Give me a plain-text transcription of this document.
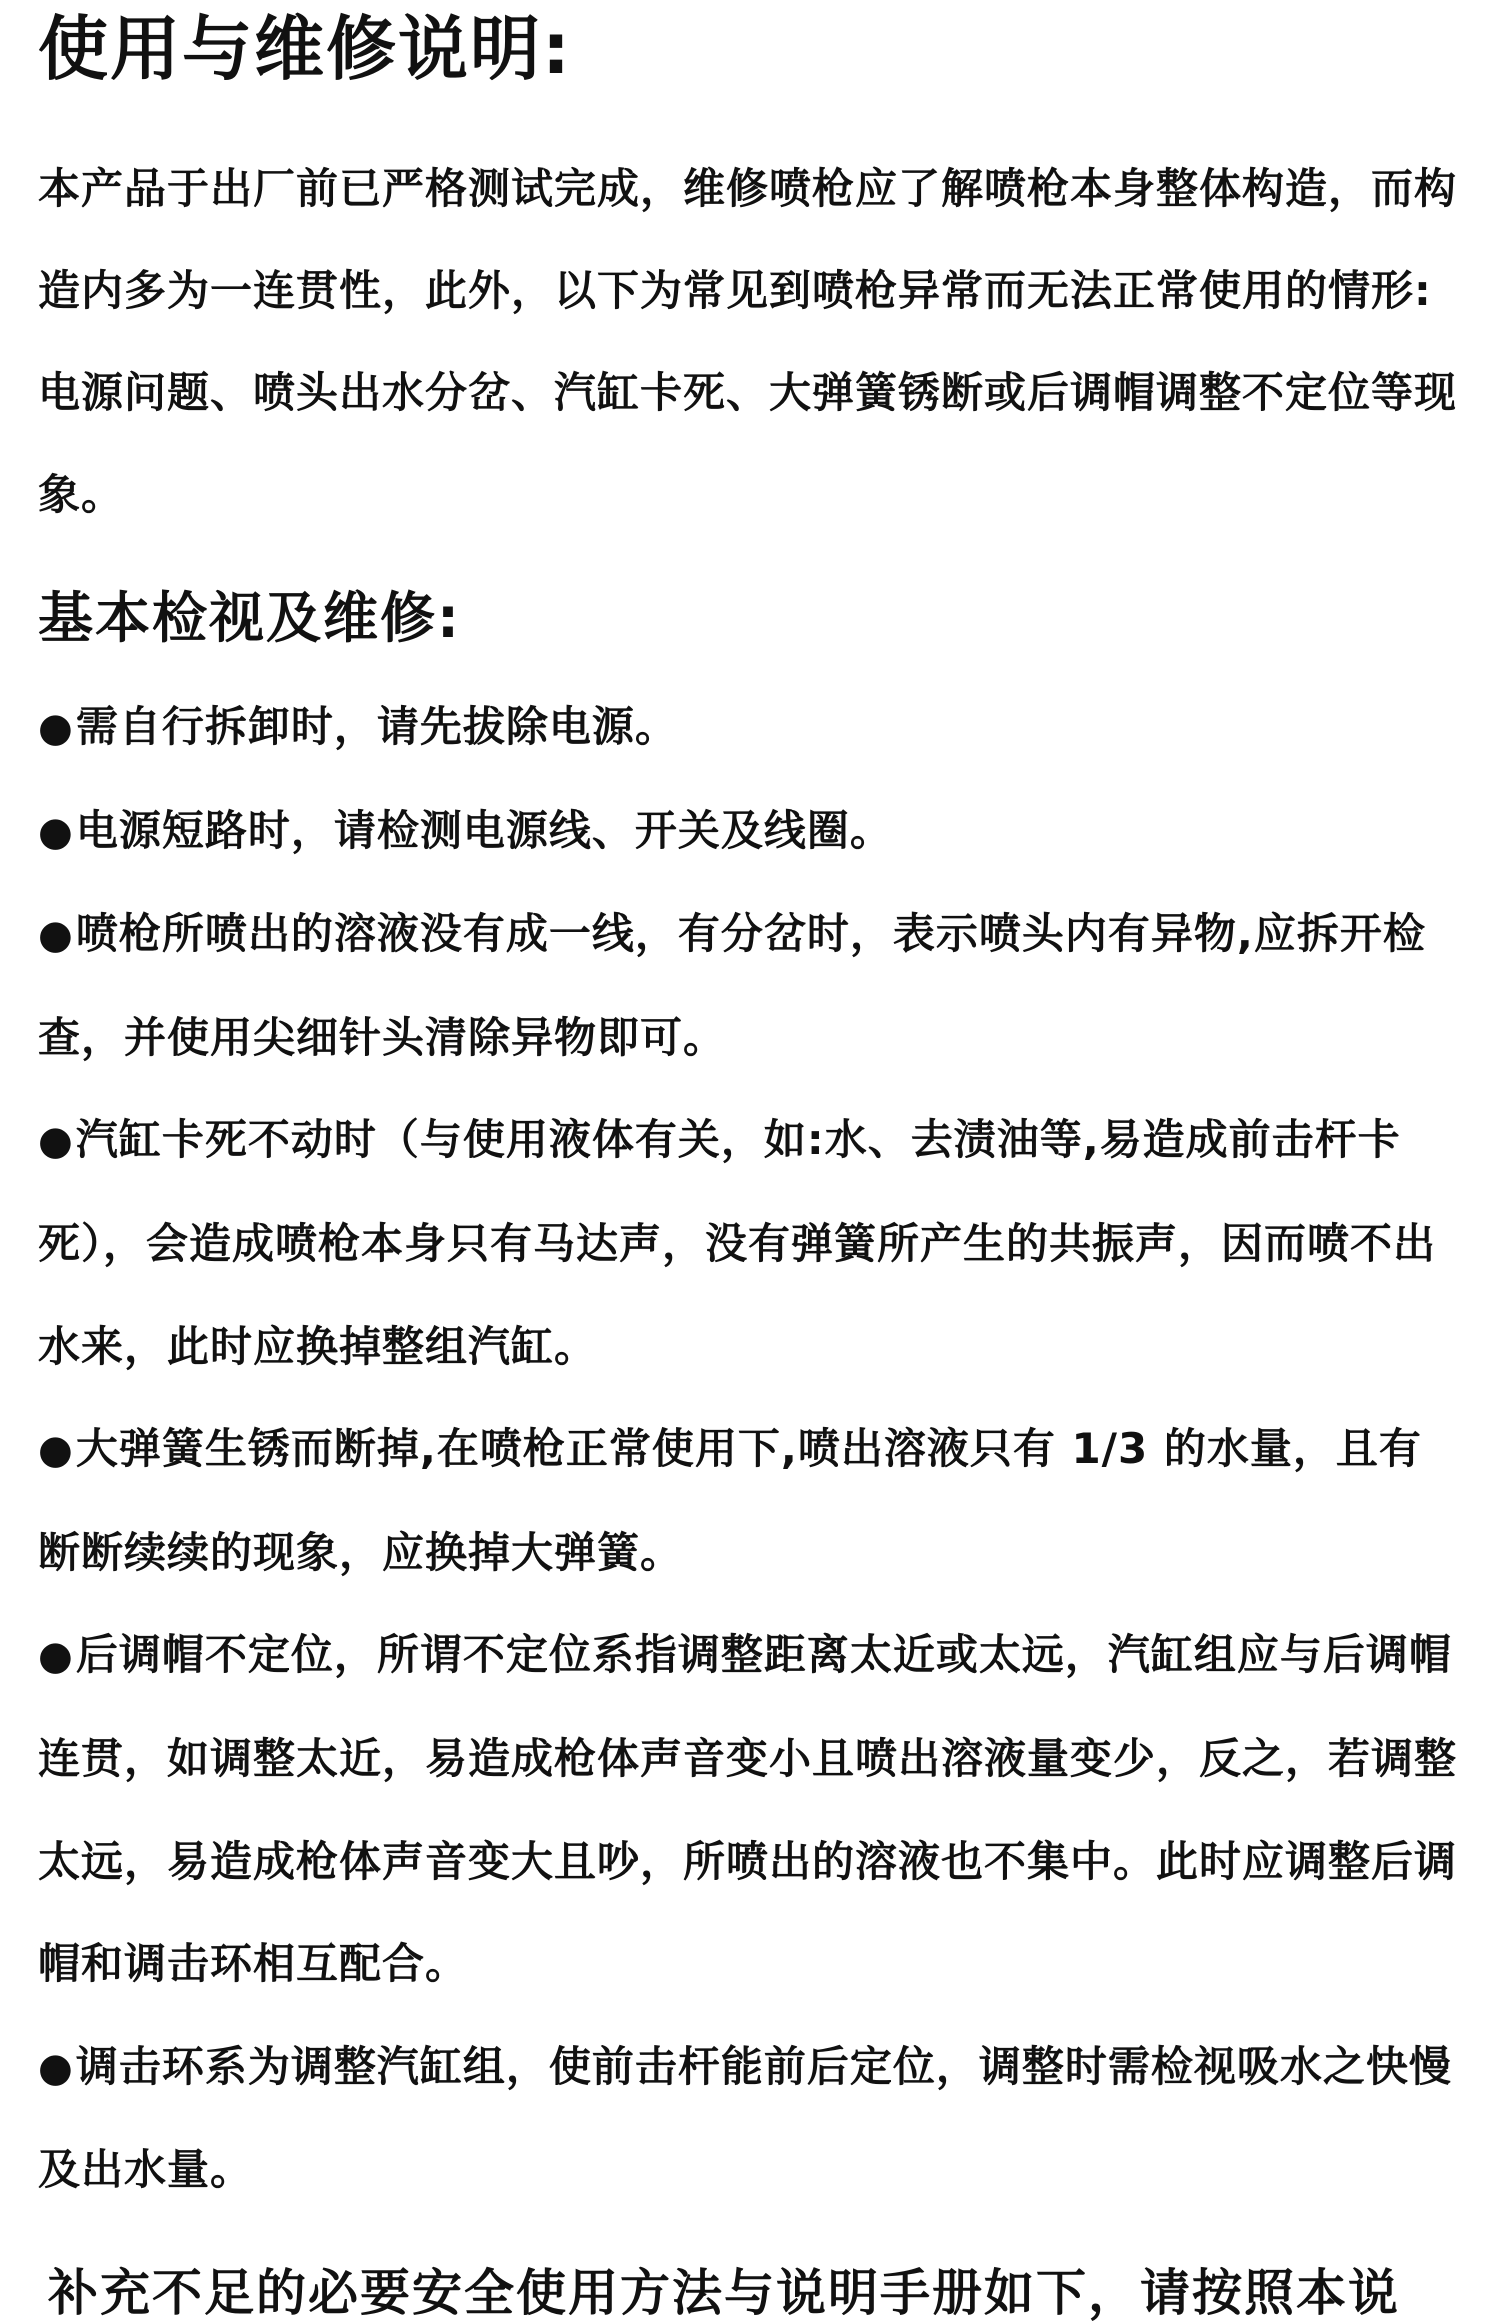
使用与维修说明:

本产品于出厂前已严格测试完成，维修喷枪应了解喷枪本身整体构造，而构造内多为一连贯性，此外，以下为常见到喷枪异常而无法正常使用的情形:电源问题、喷头出水分岔、汽缸卡死、大弹簧锈断或后调帽调整不定位等现象。

基本检视及维修:
●需自行拆卸时，请先拔除电源。
●电源短路时，请检测电源线、开关及线圈。
●喷枪所喷出的溶液没有成一线，有分岔时，表示喷头内有异物,应拆开检查，并使用尖细针头清除异物即可。
●汽缸卡死不动时（与使用液体有关，如:水、去渍油等,易造成前击杆卡死），会造成喷枪本身只有马达声，没有弹簧所产生的共振声，因而喷不出水来，此时应换掉整组汽缸。
●大弹簧生锈而断掉,在喷枪正常使用下,喷出溶液只有 1/3 的水量，且有断断续续的现象，应换掉大弹簧。
●后调帽不定位，所谓不定位系指调整距离太近或太远，汽缸组应与后调帽连贯，如调整太近，易造成枪体声音变小且喷出溶液量变少，反之，若调整太远，易造成枪体声音变大且吵，所喷出的溶液也不集中。此时应调整后调帽和调击环相互配合。
●调击环系为调整汽缸组，使前击杆能前后定位，调整时需检视吸水之快慢及出水量。

补充不足的必要安全使用方法与说明手册如下，请按照本说
